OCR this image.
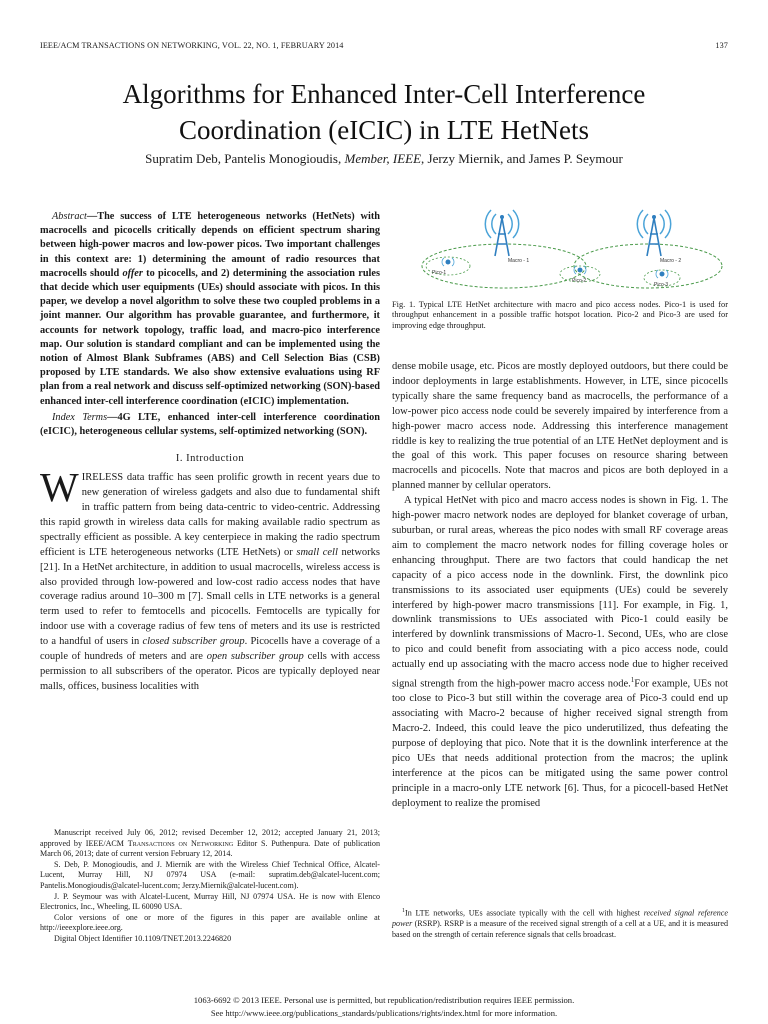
IEEE/ACM TRANSACTIONS ON NETWORKING, VOL. 22, NO. 1, FEBRUARY 2014	137
Algorithms for Enhanced Inter-Cell Interference
Coordination (eICIC) in LTE HetNets
Supratim Deb, Pantelis Monogioudis, Member, IEEE, Jerzy Miernik, and James P. Seymour

Abstract—The success of LTE heterogeneous networks (HetNets) with macrocells and picocells critically depends on efficient spectrum sharing between high-power macros and low-power picos. Two important challenges in this context are: 1) determining the amount of radio resources that macrocells should offer to picocells, and 2) determining the association rules that decide which user equipments (UEs) should associate with picos. In this paper, we develop a novel algorithm to solve these two coupled problems in a joint manner. Our algorithm has provable guarantee, and furthermore, it accounts for network topology, traffic load, and macro-pico interference map. Our solution is standard compliant and can be implemented using the notion of Almost Blank Subframes (ABS) and Cell Selection Bias (CSB) proposed by LTE standards. We also show extensive evaluations using RF plan from a real network and discuss self-optimized networking (SON)-based enhanced inter-cell interference coordination (eICIC) implementation.

Index Terms—4G LTE, enhanced inter-cell interference coordination (eICIC), heterogeneous cellular systems, self-optimized networking (SON).

I. Introduction

WIRELESS data traffic has seen prolific growth in recent years due to new generation of wireless gadgets and also due to fundamental shift in traffic pattern from being data-centric to video-centric. Addressing this rapid growth in wireless data calls for making available radio spectrum as spectrally efficient as possible. A key centerpiece in making the radio spectrum efficient is LTE heterogeneous networks (LTE HetNets) or small cell networks [21]. In a HetNet architecture, in addition to usual macrocells, wireless access is also provided through low-powered and low-cost radio access nodes that have coverage radius around 10–300 m [7]. Small cells in LTE networks is a general term used to refer to femtocells and picocells. Femtocells are typically for indoor use with a coverage radius of few tens of meters and its use is restricted to a handful of users in closed subscriber group. Picocells have a coverage of a couple of hundreds of meters and are open subscriber group cells with access permission to all subscribers of the operator. Picos are typically deployed near malls, offices, business localities with

Manuscript received July 06, 2012; revised December 12, 2012; accepted January 21, 2013; approved by IEEE/ACM Transactions on Networking Editor S. Puthenpura. Date of publication March 06, 2013; date of current version February 12, 2014.

S. Deb, P. Monogioudis, and J. Miernik are with the Wireless Chief Technical Office, Alcatel-Lucent, Murray Hill, NJ 07974 USA (e-mail: supratim.deb@alcatel-lucent.com; Pantelis.Monogioudis@alcatel-lucent.com; Jerzy.Miernik@alcatel-lucent.com).

J. P. Seymour was with Alcatel-Lucent, Murray Hill, NJ 07974 USA. He is now with Elenco Electronics, Inc., Wheeling, IL 60090 USA.

Color versions of one or more of the figures in this paper are available online at http://ieeexplore.ieee.org.

Digital Object Identifier 10.1109/TNET.2013.2246820

Macro - 1	Macro - 2
Pico-1
Pico-2
Pico-3
Fig. 1. Typical LTE HetNet architecture with macro and pico access nodes. Pico-1 is used for throughput enhancement in a possible traffic hotspot location. Pico-2 and Pico-3 are used for improving edge throughput.

dense mobile usage, etc. Picos are mostly deployed outdoors, but there could be indoor deployments in large establishments. However, in LTE, since picocells typically share the same frequency band as macrocells, the performance of a low-power pico access node could be severely impaired by interference from a high-power macro access node. Addressing this interference management riddle is key to realizing the true potential of an LTE HetNet deployment and is the goal of this work. This paper focuses on resource sharing between macrocells and picocells. Note that macros and picos are both deployed in a planned manner by cellular operators.

A typical HetNet with pico and macro access nodes is shown in Fig. 1. The high-power macro network nodes are deployed for blanket coverage of urban, suburban, or rural areas, whereas the pico nodes with small RF coverage areas aim to complement the macro network nodes for filling coverage holes or enhancing throughput. There are two factors that could handicap the net capacity of a pico access node in the downlink. First, the downlink pico transmissions to its associated user equipments (UEs) could be severely interfered by high-power macro transmissions [11]. For example, in Fig. 1, downlink transmissions to UEs associated with Pico-1 could easily be interfered by downlink transmissions of Macro-1. Second, UEs, who are close to pico and could benefit from associating with a pico access node, could actually end up associating with the macro access node due to higher received signal strength from the high-power macro access node.$^1$For example, UEs not too close to Pico-3 but still within the coverage area of Pico-3 could end up associating with Macro-2 because of higher received signal strength from Macro-2. Indeed, this could leave the pico underutilized, thus defeating the purpose of deploying that pico. Note that it is the downlink interference at the pico UEs that needs additional protection from the macros; the uplink interference at the picos can be mitigated using the same power control principle in a macro-only LTE network [6]. Thus, for a picocell-based HetNet deployment to realize the promised

$^1$In LTE networks, UEs associate typically with the cell with highest received signal reference power (RSRP). RSRP is a measure of the received signal strength of a cell at a UE, and it is measured based on the strength of certain reference signals that cells broadcast.

1063-6692 © 2013 IEEE. Personal use is permitted, but republication/redistribution requires IEEE permission.
See http://www.ieee.org/publications_standards/publications/rights/index.html for more information.
